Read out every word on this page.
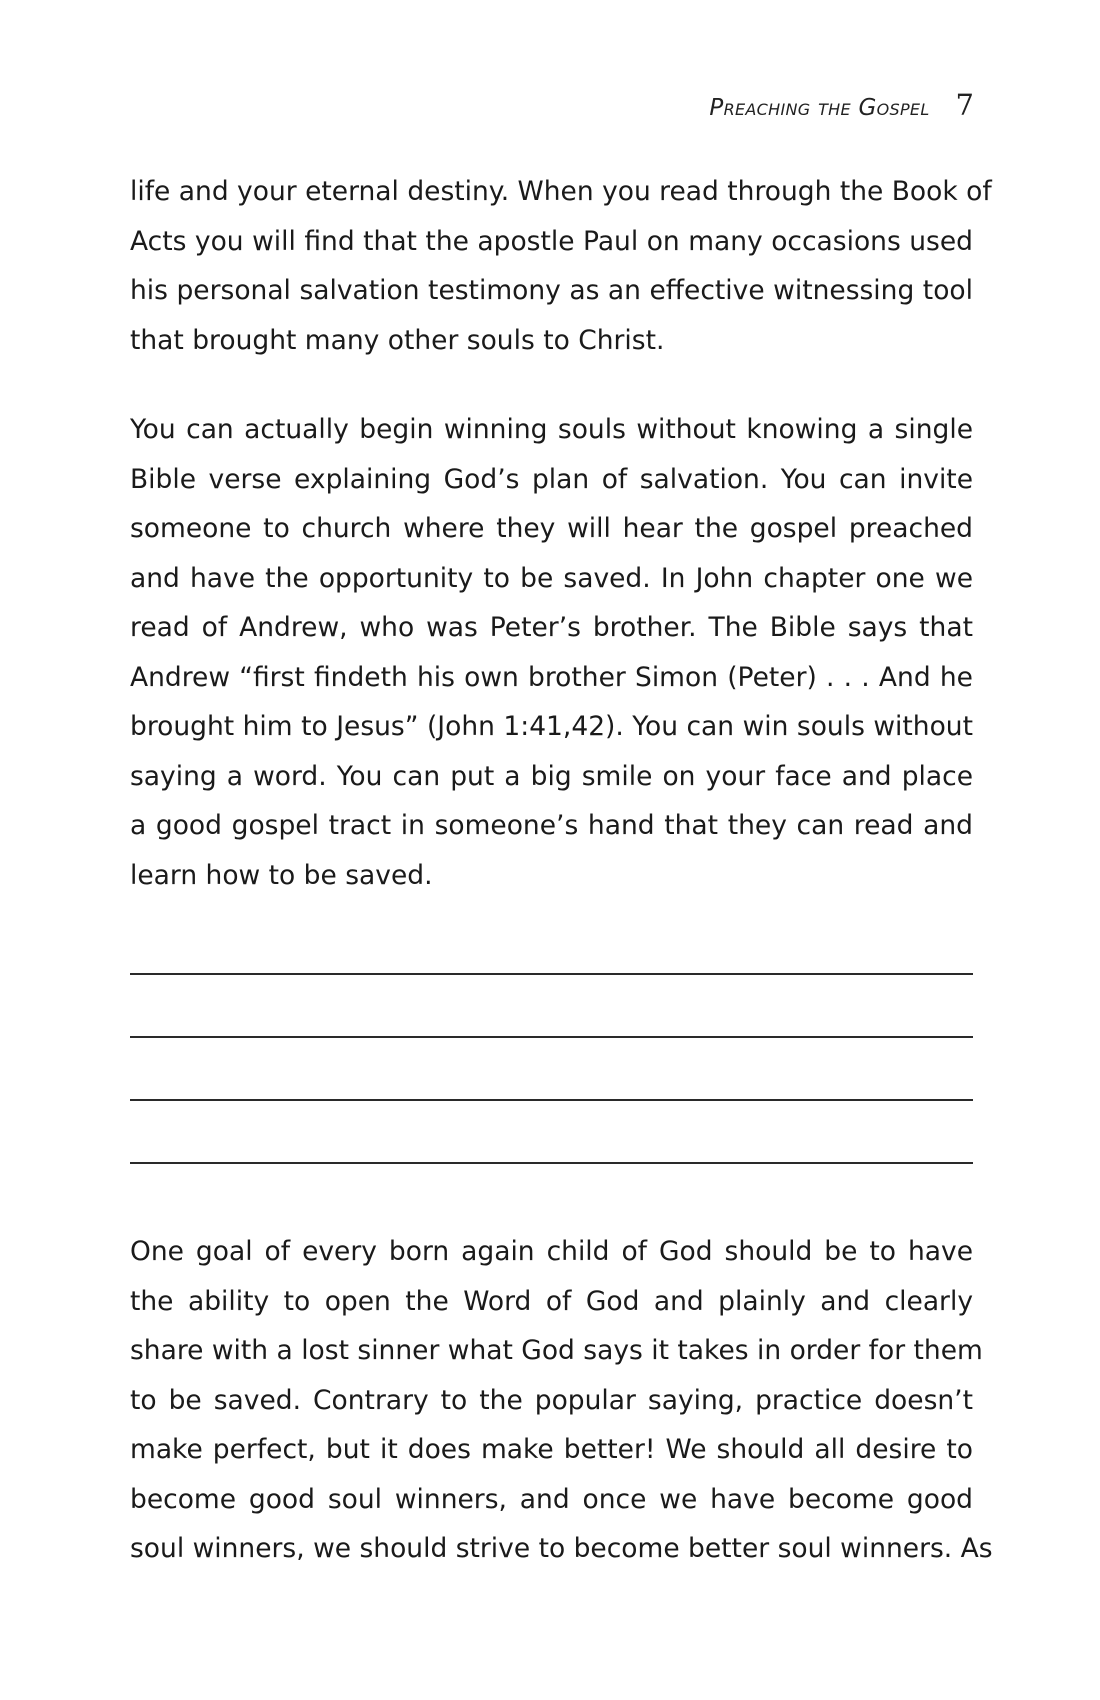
Preaching the Gospel 7
life and your eternal destiny. When you read through the Book of
Acts you will find that the apostle Paul on many occasions used
his personal salvation testimony as an effective witnessing tool
that brought many other souls to Christ.
You can actually begin winning souls without knowing a single
Bible verse explaining God’s plan of salvation. You can invite
someone to church where they will hear the gospel preached
and have the opportunity to be saved. In John chapter one we
read of Andrew, who was Peter’s brother. The Bible says that
Andrew “first findeth his own brother Simon (Peter) . . . And he
brought him to Jesus” (John 1:41,42). You can win souls without
saying a word. You can put a big smile on your face and place
a good gospel tract in someone’s hand that they can read and
learn how to be saved.
One goal of every born again child of God should be to have
the ability to open the Word of God and plainly and clearly
share with a lost sinner what God says it takes in order for them
to be saved. Contrary to the popular saying, practice doesn’t
make perfect, but it does make better! We should all desire to
become good soul winners, and once we have become good
soul winners, we should strive to become better soul winners. As
